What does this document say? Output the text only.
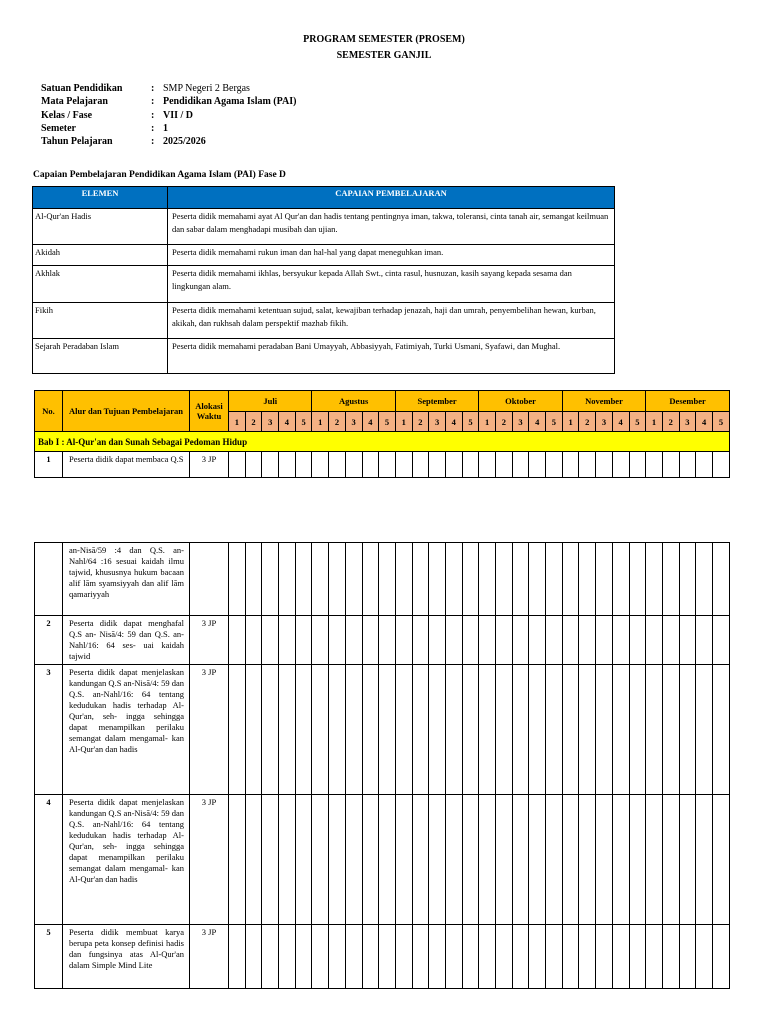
PROGRAM SEMESTER (PROSEM)
SEMESTER GANJIL
Satuan Pendidikan	: SMP Negeri 2 Bergas
Mata Pelajaran	: Pendidikan Agama Islam (PAI)
Kelas / Fase	: VII / D
Semeter	: 1
Tahun Pelajaran	: 2025/2026
Capaian Pembelajaran Pendidikan Agama Islam (PAI) Fase D
ELEMEN	CAPAIAN PEMBELAJARAN
Al-Qur'an Hadis	Peserta didik memahami ayat Al Qur'an dan hadis tentang pentingnya iman, takwa, toleransi, cinta tanah air, semangat keilmuan dan sabar dalam menghadapi musibah dan ujian.
Akidah	Peserta didik memahami rukun iman dan hal-hal yang dapat meneguhkan iman.
Akhlak	Peserta didik memahami ikhlas, bersyukur kepada Allah Swt., cinta rasul, husnuzan, kasih sayang kepada sesama dan lingkungan alam.
Fikih	Peserta didik memahami ketentuan sujud, salat, kewajiban terhadap jenazah, haji dan umrah, penyembelihan hewan, kurban, akikah, dan rukhsah dalam perspektif mazhab fikih.
Sejarah Peradaban Islam	Peserta didik memahami peradaban Bani Umayyah, Abbasiyyah, Fatimiyah, Turki Usmani, Syafawi, dan Mughal.
No.	Alur dan Tujuan Pembelajaran	Alokasi Waktu	Juli					Agustus					September					Oktober					November					Desember				
			1	2	3	4	5	1	2	3	4	5	1	2	3	4	5	1	2	3	4	5	1	2	3	4	5	1	2	3	4	5
Bab I : Al-Qur'an dan Sunah Sebagai Pedoman Hidup																																
1	Peserta didik dapat membaca Q.S	3 JP																														
	an-Nisā/59 :4 dan Q.S. an-Nahl/64 :16 sesuai kaidah ilmu tajwid, khususnya hukum bacaan alif lām syamsiyyah dan alif lām qamariyyah																															
2	Peserta didik dapat menghafal Q.S an- Nisā/4: 59 dan Q.S. an-Nahl/16: 64 ses- uai kaidah tajwid	3 JP																														
3	Peserta didik dapat menjelaskan kandungan Q.S an-Nisā/4: 59 dan Q.S. an-Nahl/16: 64 tentang kedudukan hadis terhadap Al-Qur'an, seh- ingga sehingga dapat menampilkan perilaku semangat dalam mengamal- kan Al-Qur'an dan hadis	3 JP																														
4	Peserta didik dapat menjelaskan kandungan Q.S an-Nisā/4: 59 dan Q.S. an-Nahl/16: 64 tentang kedudukan hadis terhadap Al-Qur'an, seh- ingga sehingga dapat menampilkan perilaku semangat dalam mengamal- kan Al-Qur'an dan hadis	3 JP																														
5	Peserta didik membuat karya berupa peta konsep definisi hadis dan fungsinya atas Al-Qur'an dalam Simple Mind Lite	3 JP																														
